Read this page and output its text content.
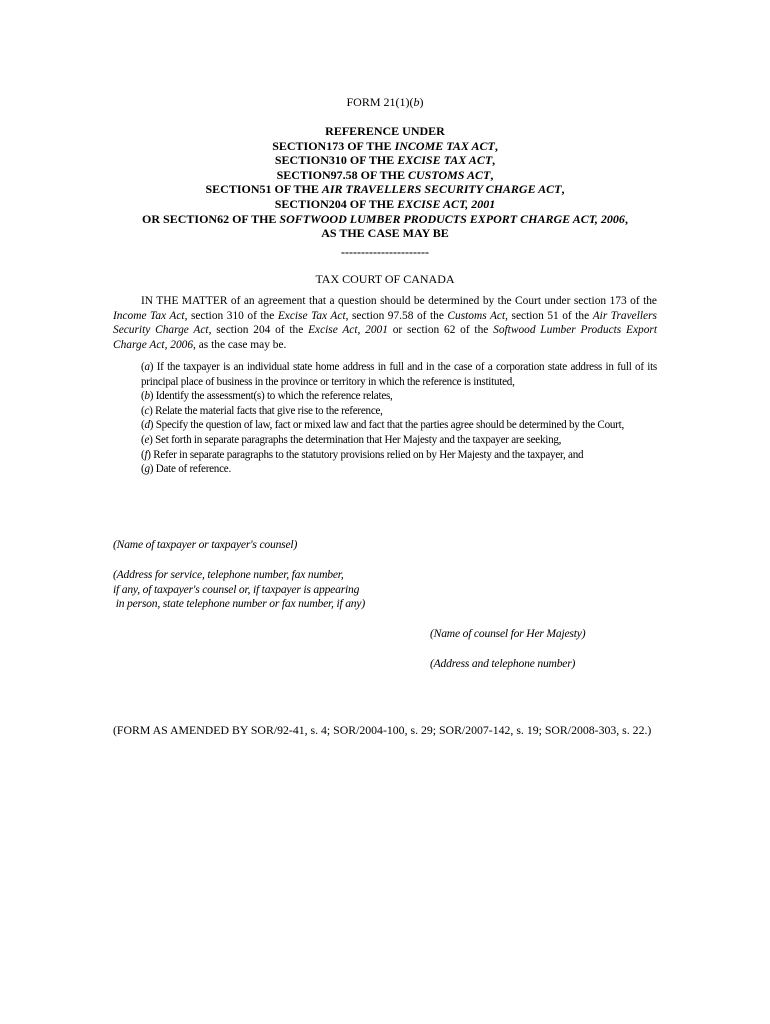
FORM 21(1)(b)
REFERENCE UNDER
SECTION173 OF THE INCOME TAX ACT,
SECTION310 OF THE EXCISE TAX ACT,
SECTION97.58 OF THE CUSTOMS ACT,
SECTION51 OF THE AIR TRAVELLERS SECURITY CHARGE ACT,
SECTION204 OF THE EXCISE ACT, 2001
OR SECTION62 OF THE SOFTWOOD LUMBER PRODUCTS EXPORT CHARGE ACT, 2006,
AS THE CASE MAY BE
----------------------
TAX COURT OF CANADA
IN THE MATTER of an agreement that a question should be determined by the Court under section 173 of the Income Tax Act, section 310 of the Excise Tax Act, section 97.58 of the Customs Act, section 51 of the Air Travellers Security Charge Act, section 204 of the Excise Act, 2001 or section 62 of the Softwood Lumber Products Export Charge Act, 2006, as the case may be.
(a) If the taxpayer is an individual state home address in full and in the case of a corporation state address in full of its principal place of business in the province or territory in which the reference is instituted,
(b) Identify the assessment(s) to which the reference relates,
(c) Relate the material facts that give rise to the reference,
(d) Specify the question of law, fact or mixed law and fact that the parties agree should be determined by the Court,
(e) Set forth in separate paragraphs the determination that Her Majesty and the taxpayer are seeking,
(f) Refer in separate paragraphs to the statutory provisions relied on by Her Majesty and the taxpayer, and
(g) Date of reference.
(Name of taxpayer or taxpayer's counsel)
(Address for service, telephone number, fax number,
if any, of taxpayer's counsel or, if taxpayer is appearing
in person, state telephone number or fax number, if any)
(Name of counsel for Her Majesty)
(Address and telephone number)
(FORM AS AMENDED BY SOR/92-41, s. 4; SOR/2004-100, s. 29; SOR/2007-142, s. 19; SOR/2008-303, s. 22.)
